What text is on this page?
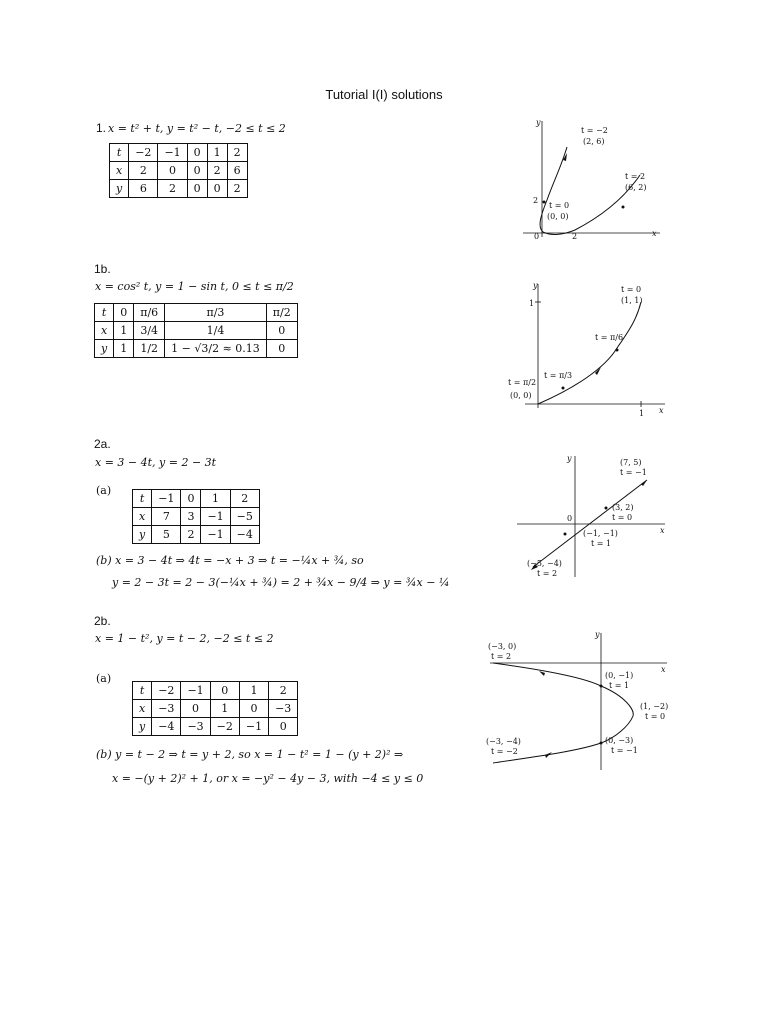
Tutorial I(I) solutions
1. x = t² + t, y = t² − t, −2 ≤ t ≤ 2
t	−2	−1	0	1	2
x	2	0	0	2	6
y	6	2	0	0	2
y
x
t = −2
(2, 6)
t = 2
(6, 2)
t = 0
(0, 0)
2
2
0
1b.
x = cos² t, y = 1 − sin t, 0 ≤ t ≤ π/2
t	0	π/6	π/3	π/2
x	1	3/4	1/4	0
y	1	1/2	1 − √3/2 ≈ 0.13	0
y
x
1
1
t = 0
(1, 1)
t = π/6
t = π/3
t = π/2
(0, 0)
2a.
x = 3 − 4t, y = 2 − 3t
(a)
t	−1	0	1	2
x	7	3	−1	−5
y	5	2	−1	−4
(b) x = 3 − 4t ⇒ 4t = −x + 3 ⇒ t = −¼x + ¾, so
y = 2 − 3t = 2 − 3(−¼x + ¾) = 2 + ¾x − 9/4 ⇒ y = ¾x − ¼
y
x
0
(7, 5)
t = −1
(3, 2)
t = 0
(−1, −1)
t = 1
(−5, −4)
t = 2
2b.
x = 1 − t², y = t − 2, −2 ≤ t ≤ 2
(a)
t	−2	−1	0	1	2
x	−3	0	1	0	−3
y	−4	−3	−2	−1	0
(b) y = t − 2 ⇒ t = y + 2, so x = 1 − t² = 1 − (y + 2)² ⇒
x = −(y + 2)² + 1, or x = −y² − 4y − 3, with −4 ≤ y ≤ 0
y
x
(−3, 0)
t = 2
(0, −1)
t = 1
(1, −2)
t = 0
(0, −3)
t = −1
(−3, −4)
t = −2
